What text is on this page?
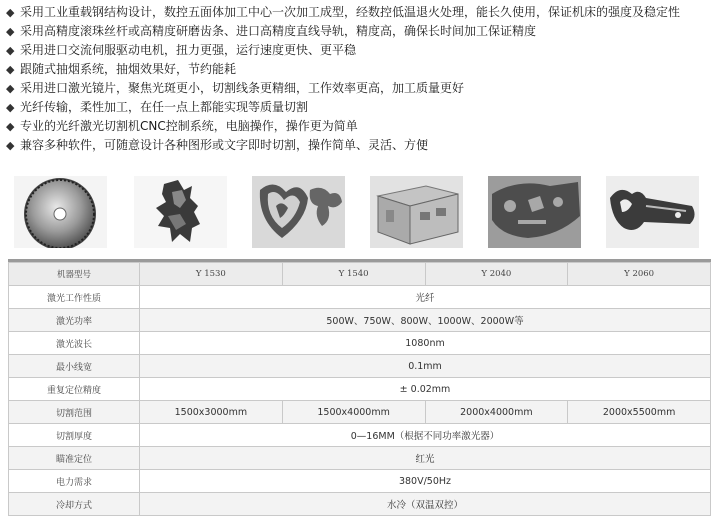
◆ 采用工业重载钢结构设计，数控五面体加工中心一次加工成型，经数控低温退火处理，能长久使用，保证机床的强度及稳定性

◆ 采用高精度滚珠丝杆或高精度研磨齿条、进口高精度直线导轨，精度高，确保长时间加工保证精度

◆ 采用进口交流伺服驱动电机，扭力更强，运行速度更快、更平稳

◆ 跟随式抽烟系统，抽烟效果好，节约能耗

◆ 采用进口激光镜片，聚焦光斑更小，切割线条更精细，工作效率更高，加工质量更好

◆ 光纤传输，柔性加工，在任一点上都能实现等质量切割

◆ 专业的光纤激光切割机CNC控制系统，电脑操作，操作更为简单

◆ 兼容多种软件，可随意设计各种图形或文字即时切割，操作简单、灵活、方便

机器型号	Y 1530	Y 1540	Y 2040	Y 2060
激光工作性质	光纤			
激光功率	500W、750W、800W、1000W、2000W等			
激光波长	1080nm			
最小线宽	0.1mm			
重复定位精度	± 0.02mm			
切割范围	1500x3000mm	1500x4000mm	2000x4000mm	2000x5500mm
切割厚度	0—16MM（根据不同功率激光器）			
瞄准定位	红光			
电力需求	380V/50Hz			
冷却方式	水冷（双温双控）			
